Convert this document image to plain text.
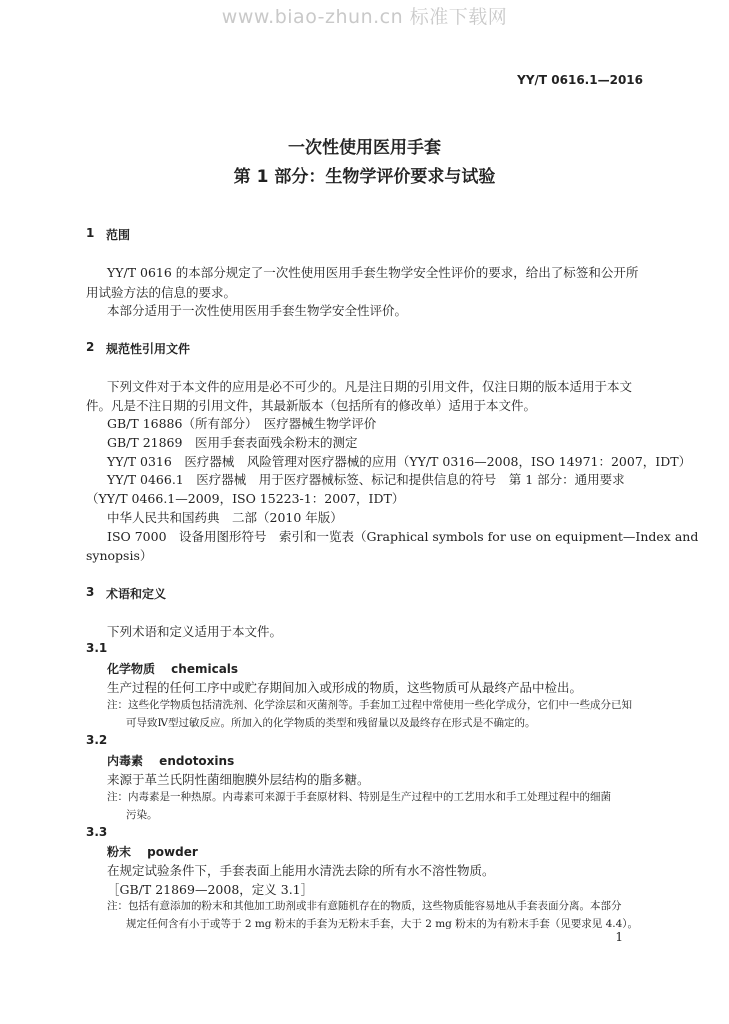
www.bia​o-zhun.cn 标准下载网
YY/T 0616.1—2016
一次性使用医用手套
第 1 部分：生物学评价要求与试验
1 范围
YY/T 0616 的本部分规定了一次性使用医用手套生物学安全性评价的要求，给出了标签和公开所
用试验方法的信息的要求。
本部分适用于一次性使用医用手套生物学安全性评价。
2 规范性引用文件
下列文件对于本文件的应用是必不可少的。凡是注日期的引用文件，仅注日期的版本适用于本文
件。凡是不注日期的引用文件，其最新版本（包括所有的修改单）适用于本文件。
GB/T 16886（所有部分）　医疗器械生物学评价
GB/T 21869　医用手套表面残余粉末的测定
YY/T 0316　医疗器械　风险管理对医疗器械的应用（YY/T 0316—2008，ISO 14971：2007，IDT）
YY/T 0466.1　医疗器械　用于医疗器械标签、标记和提供信息的符号　第 1 部分：通用要求
（YY/T 0466.1—2009，ISO 15223-1：2007，IDT）
中华人民共和国药典　二部（2010 年版）
ISO 7000　设备用图形符号　索引和一览表（Graphical symbols for use on equipment—Index and
synopsis）
3 术语和定义
下列术语和定义适用于本文件。
3.1
化学物质　 chemicals
生产过程的任何工序中或贮存期间加入或形成的物质，这些物质可从最终产品中检出。
注：这些化学物质包括清洗剂、化学涂层和灭菌剂等。手套加工过程中常使用一些化学成分，它们中一些成分已知
可导致Ⅳ型过敏反应。所加入的化学物质的类型和残留量以及最终存在形式是不确定的。
3.2
内毒素　 endotoxins
来源于革兰氏阴性菌细胞膜外层结构的脂多糖。
注：内毒素是一种热原。内毒素可来源于手套原材料、特别是生产过程中的工艺用水和手工处理过程中的细菌
污染。
3.3
粉末　 powder
在规定试验条件下，手套表面上能用水清洗去除的所有水不溶性物质。
［GB/T 21869—2008，定义 3.1］
注：包括有意添加的粉末和其他加工助剂或非有意随机存在的物质，这些物质能容易地从手套表面分离。本部分
规定任何含有小于或等于 2 mg 粉末的手套为无粉末手套，大于 2 mg 粉末的为有粉末手套（见要求见 4.4）。
1
